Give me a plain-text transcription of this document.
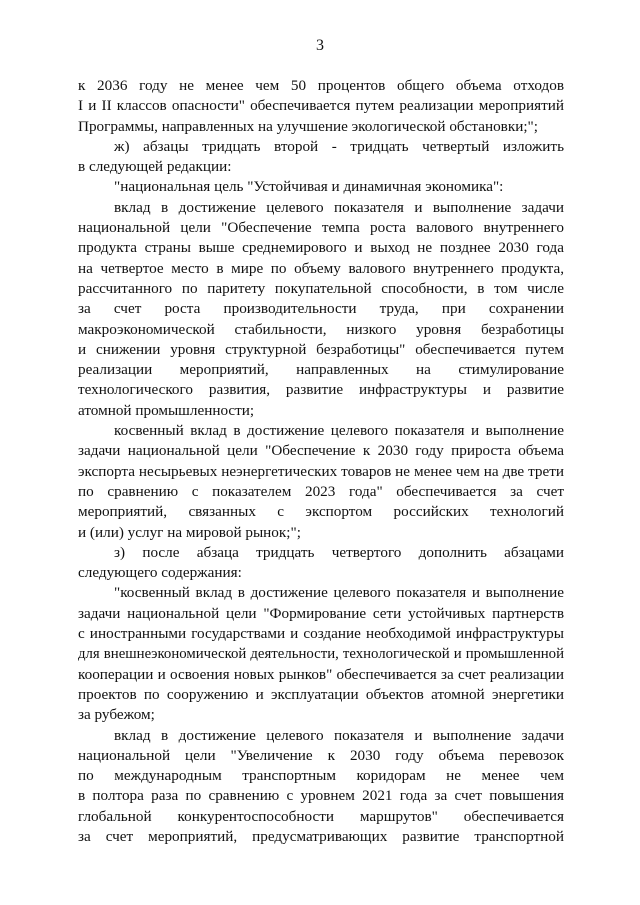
3
к 2036 году не менее чем 50 процентов общего объема отходов
I и II классов опасности" обеспечивается путем реализации мероприятий
Программы, направленных на улучшение экологической обстановки;";
ж) абзацы тридцать второй - тридцать четвертый изложить
в следующей редакции:
"национальная цель "Устойчивая и динамичная экономика":
вклад в достижение целевого показателя и выполнение задачи
национальной цели "Обеспечение темпа роста валового внутреннего
продукта страны выше среднемирового и выход не позднее 2030 года
на четвертое место в мире по объему валового внутреннего продукта,
рассчитанного по паритету покупательной способности, в том числе
за счет роста производительности труда, при сохранении
макроэкономической стабильности, низкого уровня безработицы
и снижении уровня структурной безработицы" обеспечивается путем
реализации мероприятий, направленных на стимулирование
технологического развития, развитие инфраструктуры и развитие
атомной промышленности;
косвенный вклад в достижение целевого показателя и выполнение
задачи национальной цели "Обеспечение к 2030 году прироста объема
экспорта несырьевых неэнергетических товаров не менее чем на две трети
по сравнению с показателем 2023 года" обеспечивается за счет
мероприятий, связанных с экспортом российских технологий
и (или) услуг на мировой рынок;";
з) после абзаца тридцать четвертого дополнить абзацами
следующего содержания:
"косвенный вклад в достижение целевого показателя и выполнение
задачи национальной цели "Формирование сети устойчивых партнерств
с иностранными государствами и создание необходимой инфраструктуры
для внешнеэкономической деятельности, технологической и промышленной
кооперации и освоения новых рынков" обеспечивается за счет реализации
проектов по сооружению и эксплуатации объектов атомной энергетики
за рубежом;
вклад в достижение целевого показателя и выполнение задачи
национальной цели "Увеличение к 2030 году объема перевозок
по международным транспортным коридорам не менее чем
в полтора раза по сравнению с уровнем 2021 года за счет повышения
глобальной конкурентоспособности маршрутов" обеспечивается
за счет мероприятий, предусматривающих развитие транспортной
